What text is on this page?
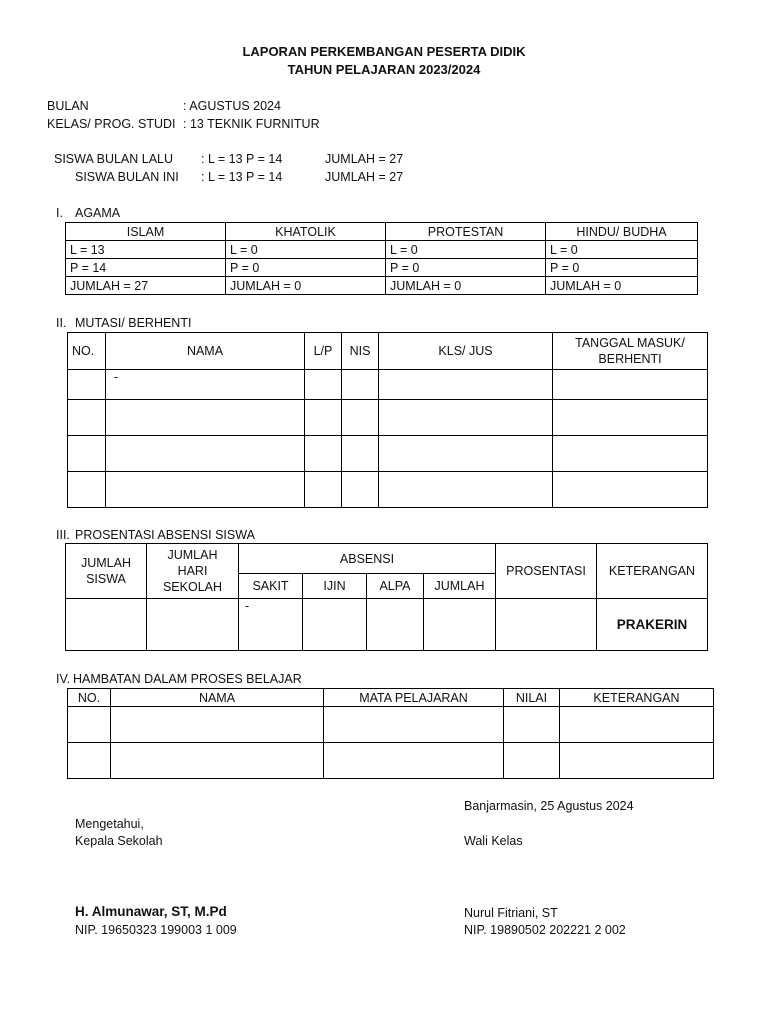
LAPORAN PERKEMBANGAN PESERTA DIDIK
TAHUN PELAJARAN 2023/2024
BULAN	: AGUSTUS 2024
KELAS/ PROG. STUDI : 13 TEKNIK FURNITUR
SISWA BULAN LALU : L = 13 P = 14	JUMLAH = 27
SISWA BULAN INI : L = 13 P = 14	JUMLAH = 27
I. AGAMA
ISLAM	KHATOLIK	PROTESTAN	HINDU/ BUDHA
L = 13	L = 0	L = 0	L = 0
P = 14	P = 0	P = 0	P = 0
JUMLAH = 27	JUMLAH = 0	JUMLAH = 0	JUMLAH = 0
II. MUTASI/ BERHENTI
NO.	NAMA	L/P	NIS	KLS/ JUS	TANGGAL MASUK/ BERHENTI
	-				

III. PROSENTASI ABSENSI SISWA
JUMLAH SISWA	JUMLAH HARI SEKOLAH	ABSENSI				PROSENTASI	KETERANGAN
		SAKIT	IJIN	ALPA	JUMLAH		
		-					PRAKERIN
IV. HAMBATAN DALAM PROSES BELAJAR
NO.	NAMA	MATA PELAJARAN	NILAI	KETERANGAN

Banjarmasin, 25 Agustus 2024
Mengetahui,
Kepala Sekolah	Wali Kelas
H. Almunawar, ST, M.Pd
NIP. 19650323 199003 1 009
Nurul Fitriani, ST
NIP. 19890502 202221 2 002
